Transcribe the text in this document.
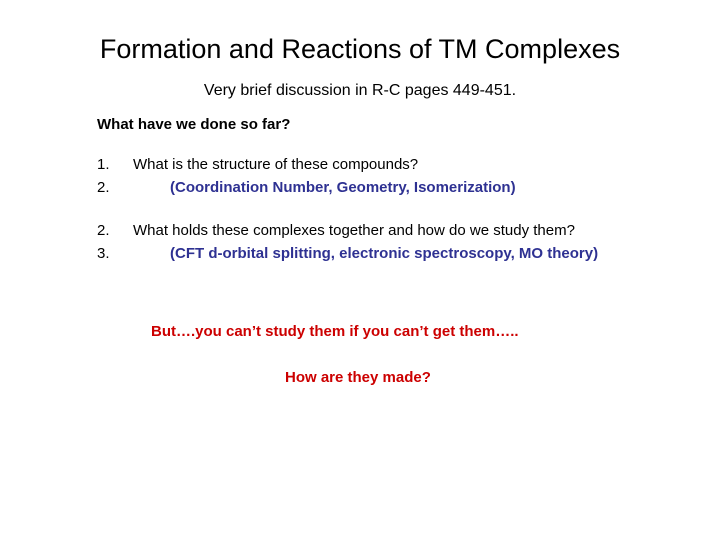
Formation and Reactions of TM Complexes
Very brief discussion in R-C pages 449-451.
What have we done so far?
1. What is the structure of these compounds?
2.	(Coordination Number, Geometry, Isomerization)
2. What holds these complexes together and how do we study them?
3.	(CFT d-orbital splitting, electronic spectroscopy, MO theory)
But….you can’t study them if you can’t get them…..
How are they made?
